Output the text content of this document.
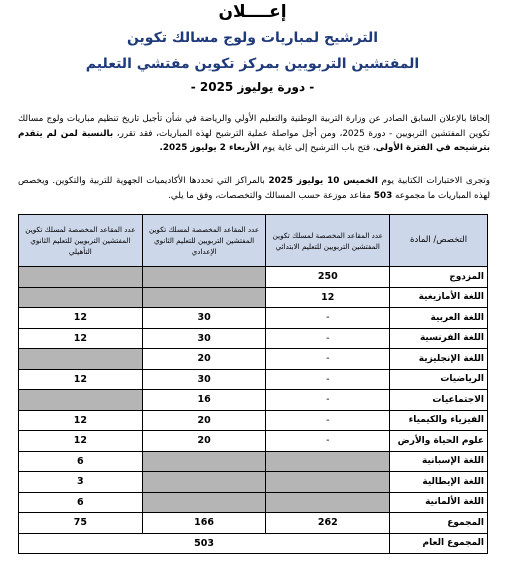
إعــــلان
الترشيح لمباريات ولوج مسالك تكوين
المفتشين التربويين بمركز تكوين مفتشي التعليم
- دورة يوليوز 2025 -
إلحاقا بالإعلان السابق الصادر عن وزارة التربية الوطنية والتعليم الأولي والرياضة في شأن تأجيل تاريخ تنظيم مباريات ولوج مسالك تكوين المفتشين التربويين - دورة 2025، ومن أجل مواصلة عملية الترشيح لهذه المباريات، فقد تقرر، بالنسبة لمن لم يتقدم بترشيحه في الفترة الأولى، فتح باب الترشيح إلى غاية يوم الأربعاء 2 يوليوز 2025.
وتجرى الاختبارات الكتابية يوم الخميس 10 يوليوز 2025 بالمراكز التي تحددها الأكاديميات الجهوية للتربية والتكوين. ويخصص لهذه المباريات ما مجموعه 503 مقاعد موزعة حسب المسالك والتخصصات، وفق ما يلي.
التخصص/ المادة	عدد المقاعد المخصصة لمسلك تكوين المفتشين التربويين للتعليم الابتدائي	عدد المقاعد المخصصة لمسلك تكوين المفتشين التربويين للتعليم الثانوي الإعدادي	عدد المقاعد المخصصة لمسلك تكوين المفتشين التربويين للتعليم الثانوي التأهيلي
المزدوج	250		
اللغة الأمازيغية	12		
اللغة العربية	-	30	12
اللغة الفرنسية	-	30	12
اللغة الإنجليزية	-	20	
الرياضيات	-	30	12
الاجتماعيات	-	16	
الفيزياء والكيمياء	-	20	12
علوم الحياة والأرض	-	20	12
اللغة الإسبانية			6
اللغة الإيطالية			3
اللغة الألمانية			6
المجموع	262	166	75
المجموع العام	503		
